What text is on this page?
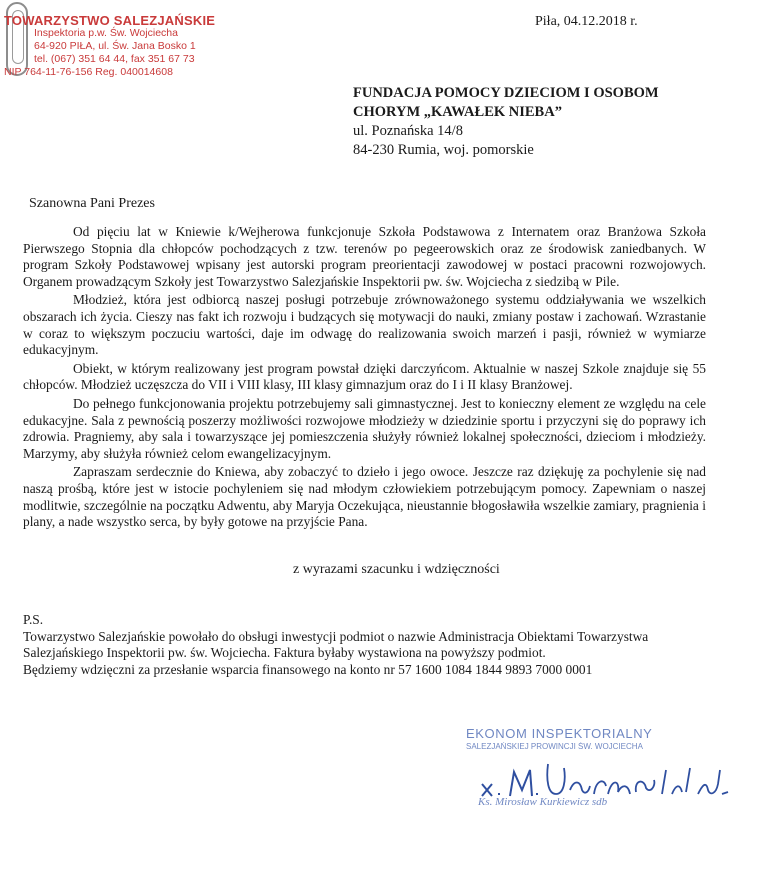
TOWARZYSTWO SALEZJAŃSKIE
Inspektoria p.w. Św. Wojciecha
64-920 PIŁA, ul. Św. Jana Bosko 1
tel. (067) 351 64 44, fax 351 67 73
NIP 764-11-76-156 Reg. 040014608
Piła, 04.12.2018 r.
FUNDACJA POMOCY DZIECIOM I OSOBOM
CHORYM „KAWAŁEK NIEBA”
ul. Poznańska 14/8
84-230 Rumia, woj. pomorskie
Szanowna Pani Prezes

Od pięciu lat w Kniewie k/Wejherowa funkcjonuje Szkoła Podstawowa z Internatem oraz Branżowa Szkoła Pierwszego Stopnia dla chłopców pochodzących z tzw. terenów po pegeerowskich oraz ze środowisk zaniedbanych. W program Szkoły Podstawowej wpisany jest autorski program preorientacji zawodowej w postaci pracowni rozwojowych. Organem prowadzącym Szkoły jest Towarzystwo Salezjańskie Inspektorii pw. św. Wojciecha z siedzibą w Pile.

Młodzież, która jest odbiorcą naszej posługi potrzebuje zrównoważonego systemu oddziaływania we wszelkich obszarach ich życia. Cieszy nas fakt ich rozwoju i budzących się motywacji do nauki, zmiany postaw i zachowań. Wzrastanie w coraz to większym poczuciu wartości, daje im odwagę do realizowania swoich marzeń i pasji, również w wymiarze edukacyjnym.

Obiekt, w którym realizowany jest program powstał dzięki darczyńcom. Aktualnie w naszej Szkole znajduje się 55 chłopców. Młodzież uczęszcza do VII i VIII klasy, III klasy gimnazjum oraz do I i II klasy Branżowej.

Do pełnego funkcjonowania projektu potrzebujemy sali gimnastycznej. Jest to konieczny element ze względu na cele edukacyjne. Sala z pewnością poszerzy możliwości rozwojowe młodzieży w dziedzinie sportu i przyczyni się do poprawy ich zdrowia. Pragniemy, aby sala i towarzyszące jej pomieszczenia służyły również lokalnej społeczności, dzieciom i młodzieży. Marzymy, aby służyła również celom ewangelizacyjnym.

Zapraszam serdecznie do Kniewa, aby zobaczyć to dzieło i jego owoce. Jeszcze raz dziękuję za pochylenie się nad naszą prośbą, które jest w istocie pochyleniem się nad młodym człowiekiem potrzebującym pomocy. Zapewniam o naszej modlitwie, szczególnie na początku Adwentu, aby Maryja Oczekująca, nieustannie błogosławiła wszelkie zamiary, pragnienia i plany, a nade wszystko serca, by były gotowe na przyjście Pana.

z wyrazami szacunku i wdzięczności

P.S.

Towarzystwo Salezjańskie powołało do obsługi inwestycji podmiot o nazwie Administracja Obiektami Towarzystwa Salezjańskiego Inspektorii pw. św. Wojciecha. Faktura byłaby wystawiona na powyższy podmiot.

Będziemy wdzięczni za przesłanie wsparcia finansowego na konto nr 57 1600 1084 1844 9893 7000 0001

EKONOM INSPEKTORIALNY
SALEZJAŃSKIEJ PROWINCJI ŚW. WOJCIECHA
Ks. Mirosław Kurkiewicz sdb
